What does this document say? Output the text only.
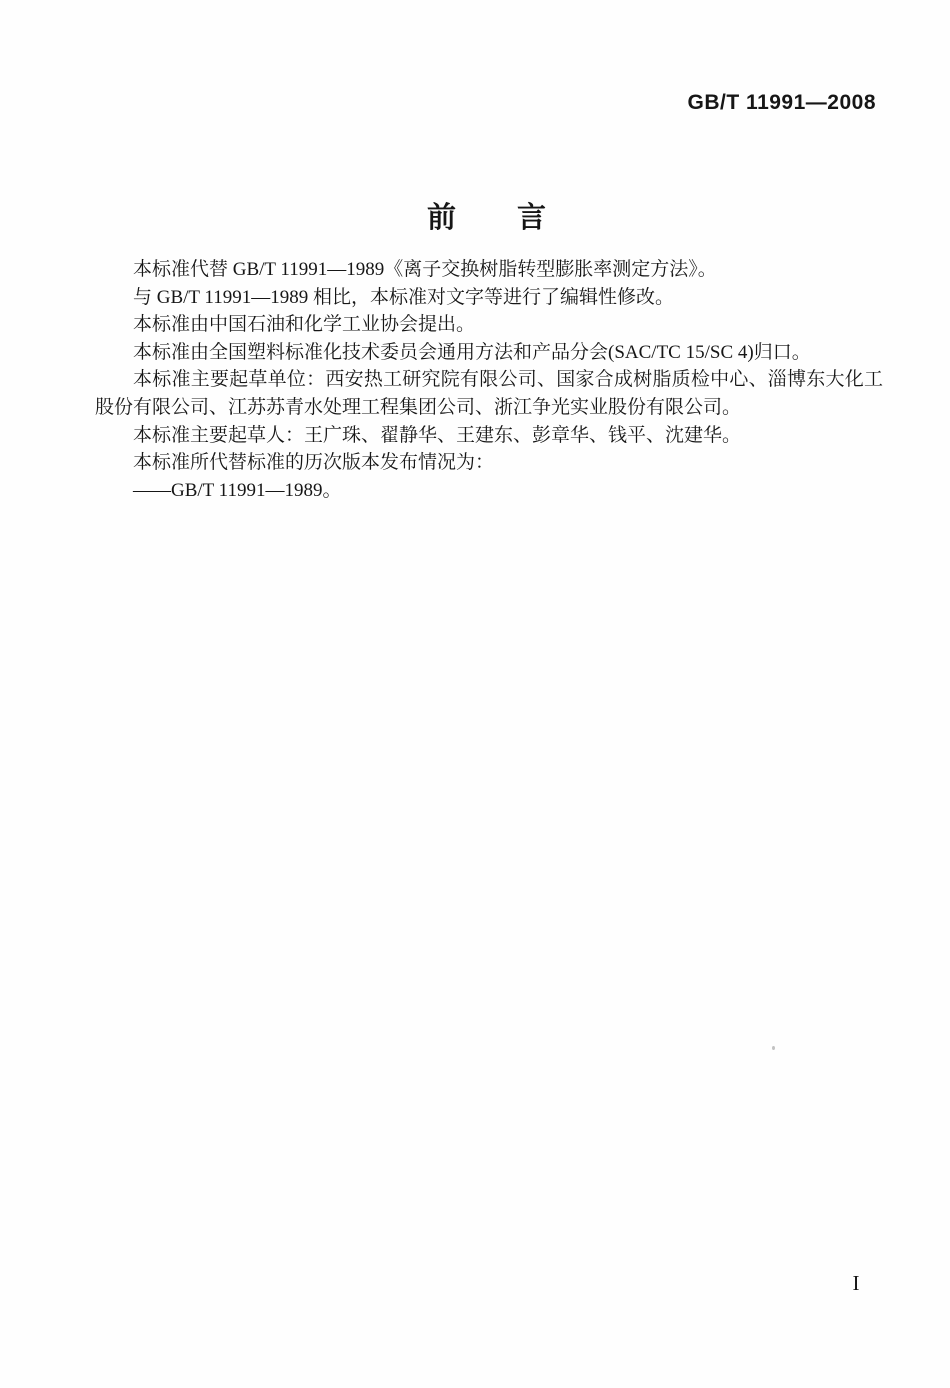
GB/T 11991—2008
前　　言

本标准代替 GB/T 11991—1989《离子交换树脂转型膨胀率测定方法》。

与 GB/T 11991—1989 相比，本标准对文字等进行了编辑性修改。

本标准由中国石油和化学工业协会提出。

本标准由全国塑料标准化技术委员会通用方法和产品分会(SAC/TC 15/SC 4)归口。

本标准主要起草单位：西安热工研究院有限公司、国家合成树脂质检中心、淄博东大化工股份有限公司、江苏苏青水处理工程集团公司、浙江争光实业股份有限公司。

本标准主要起草人：王广珠、翟静华、王建东、彭章华、钱平、沈建华。

本标准所代替标准的历次版本发布情况为：

——GB/T 11991—1989。

I
